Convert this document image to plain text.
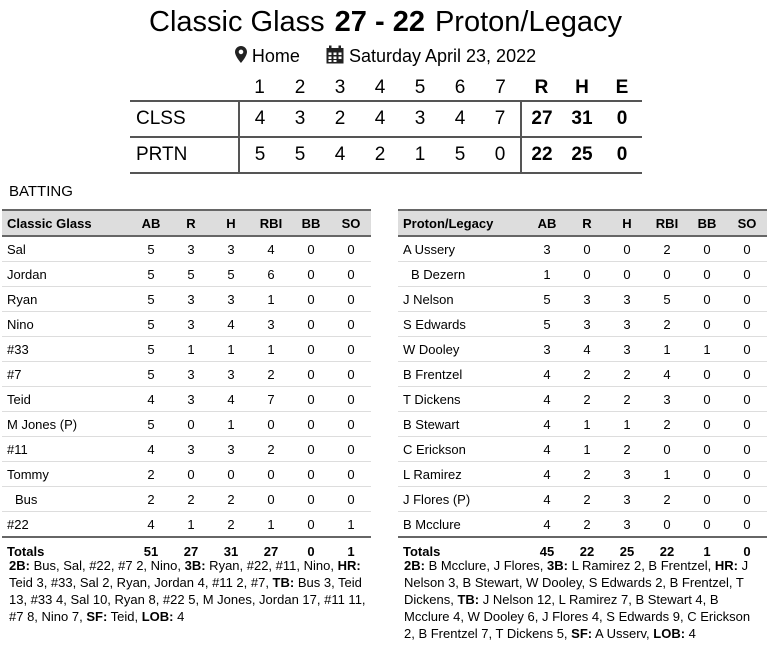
Classic Glass 27 - 22 Proton/Legacy
Home	Saturday April 23, 2022
	1	2	3	4	5	6	7	R	H	E
CLSS	4	3	2	4	3	4	7	27	31	0
PRTN	5	5	4	2	1	5	0	22	25	0
BATTING
Classic Glass	AB	R	H	RBI	BB	SO
Sal	5	3	3	4	0	0
Jordan	5	5	5	6	0	0
Ryan	5	3	3	1	0	0
Nino	5	3	4	3	0	0
#33	5	1	1	1	0	0
#7	5	3	3	2	0	0
Teid	4	3	4	7	0	0
M Jones (P)	5	0	1	0	0	0
#11	4	3	3	2	0	0
Tommy	2	0	0	0	0	0
Bus	2	2	2	0	0	0
#22	4	1	2	1	0	1
Totals	51	27	31	27	0	1
Proton/Legacy	AB	R	H	RBI	BB	SO
A Ussery	3	0	0	2	0	0
B Dezern	1	0	0	0	0	0
J Nelson	5	3	3	5	0	0
S Edwards	5	3	3	2	0	0
W Dooley	3	4	3	1	1	0
B Frentzel	4	2	2	4	0	0
T Dickens	4	2	2	3	0	0
B Stewart	4	1	1	2	0	0
C Erickson	4	1	2	0	0	0
L Ramirez	4	2	3	1	0	0
J Flores (P)	4	2	3	2	0	0
B Mcclure	4	2	3	0	0	0
Totals	45	22	25	22	1	0
2B: Bus, Sal, #22, #7 2, Nino, 3B: Ryan, #22, #11, Nino, HR: Teid 3, #33, Sal 2, Ryan, Jordan 4, #11 2, #7, TB: Bus 3, Teid 13, #33 4, Sal 10, Ryan 8, #22 5, M Jones, Jordan 17, #11 11, #7 8, Nino 7, SF: Teid, LOB: 4
2B: B Mcclure, J Flores, 3B: L Ramirez 2, B Frentzel, HR: J Nelson 3, B Stewart, W Dooley, S Edwards 2, B Frentzel, T Dickens, TB: J Nelson 12, L Ramirez 7, B Stewart 4, B Mcclure 4, W Dooley 6, J Flores 4, S Edwards 9, C Erickson 2, B Frentzel 7, T Dickens 5, SF: A Usserv, LOB: 4
